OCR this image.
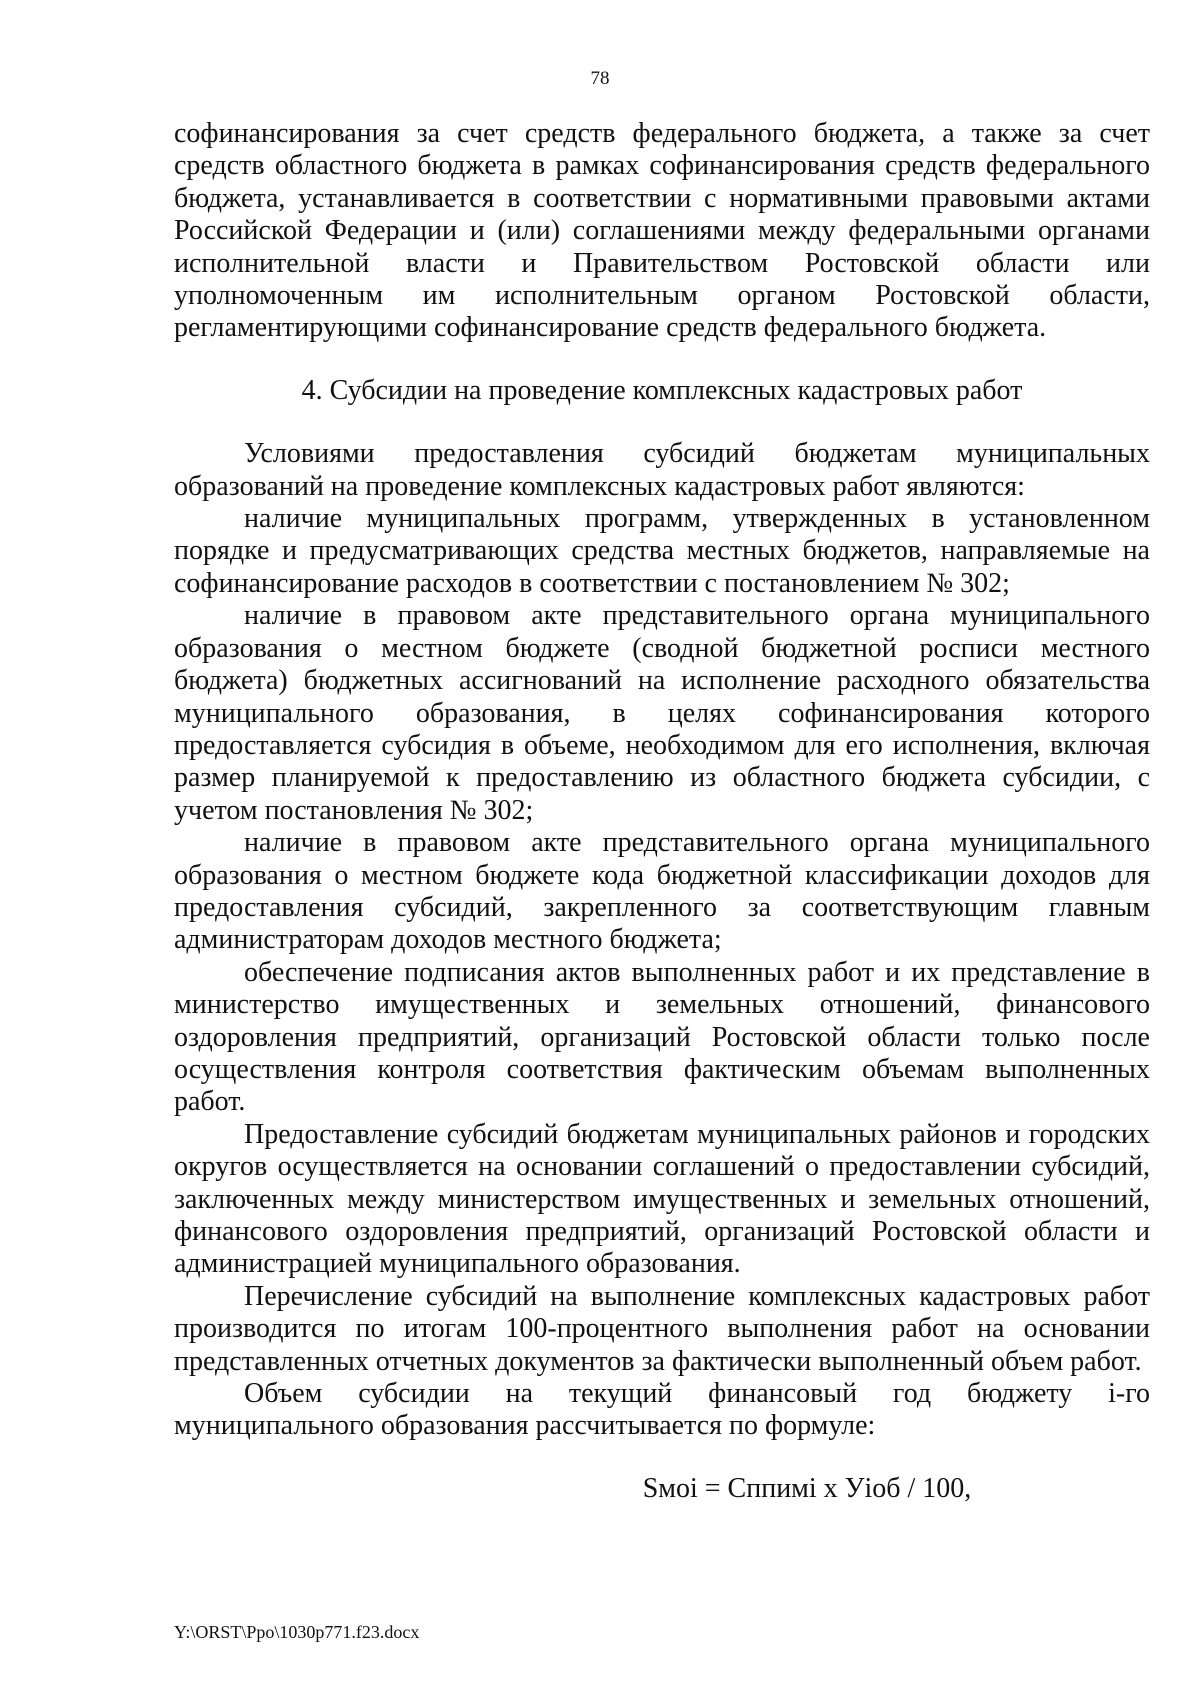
78

софинансирования за счет средств федерального бюджета, а также за счет средств областного бюджета в рамках софинансирования средств федерального бюджета, устанавливается в соответствии с нормативными правовыми актами Российской Федерации и (или) соглашениями между федеральными органами исполнительной власти и Правительством Ростовской области или уполномоченным им исполнительным органом Ростовской области, регламентирующими софинансирование средств федерального бюджета.

4. Субсидии на проведение комплексных кадастровых работ

Условиями предоставления субсидий бюджетам муниципальных образований на проведение комплексных кадастровых работ являются:

наличие муниципальных программ, утвержденных в установленном порядке и предусматривающих средства местных бюджетов, направляемые на софинансирование расходов в соответствии с постановлением № 302;

наличие в правовом акте представительного органа муниципального образования о местном бюджете (сводной бюджетной росписи местного бюджета) бюджетных ассигнований на исполнение расходного обязательства муниципального образования, в целях софинансирования которого предоставляется субсидия в объеме, необходимом для его исполнения, включая размер планируемой к предоставлению из областного бюджета субсидии, с учетом постановления № 302;

наличие в правовом акте представительного органа муниципального образования о местном бюджете кода бюджетной классификации доходов для предоставления субсидий, закрепленного за соответствующим главным администраторам доходов местного бюджета;

обеспечение подписания актов выполненных работ и их представление в министерство имущественных и земельных отношений, финансового оздоровления предприятий, организаций Ростовской области только после осуществления контроля соответствия фактическим объемам выполненных работ.

Предоставление субсидий бюджетам муниципальных районов и городских округов осуществляется на основании соглашений о предоставлении субсидий, заключенных между министерством имущественных и земельных отношений, финансового оздоровления предприятий, организаций Ростовской области и администрацией муниципального образования.

Перечисление субсидий на выполнение комплексных кадастровых работ производится по итогам 100-процентного выполнения работ на основании представленных отчетных документов за фактически выполненный объем работ.

Объем субсидии на текущий финансовый год бюджету i-го муниципального образования рассчитывается по формуле:

Sмoi = Сппимі х Уioб / 100,

Y:\ORST\Ppo\1030p771.f23.docx
